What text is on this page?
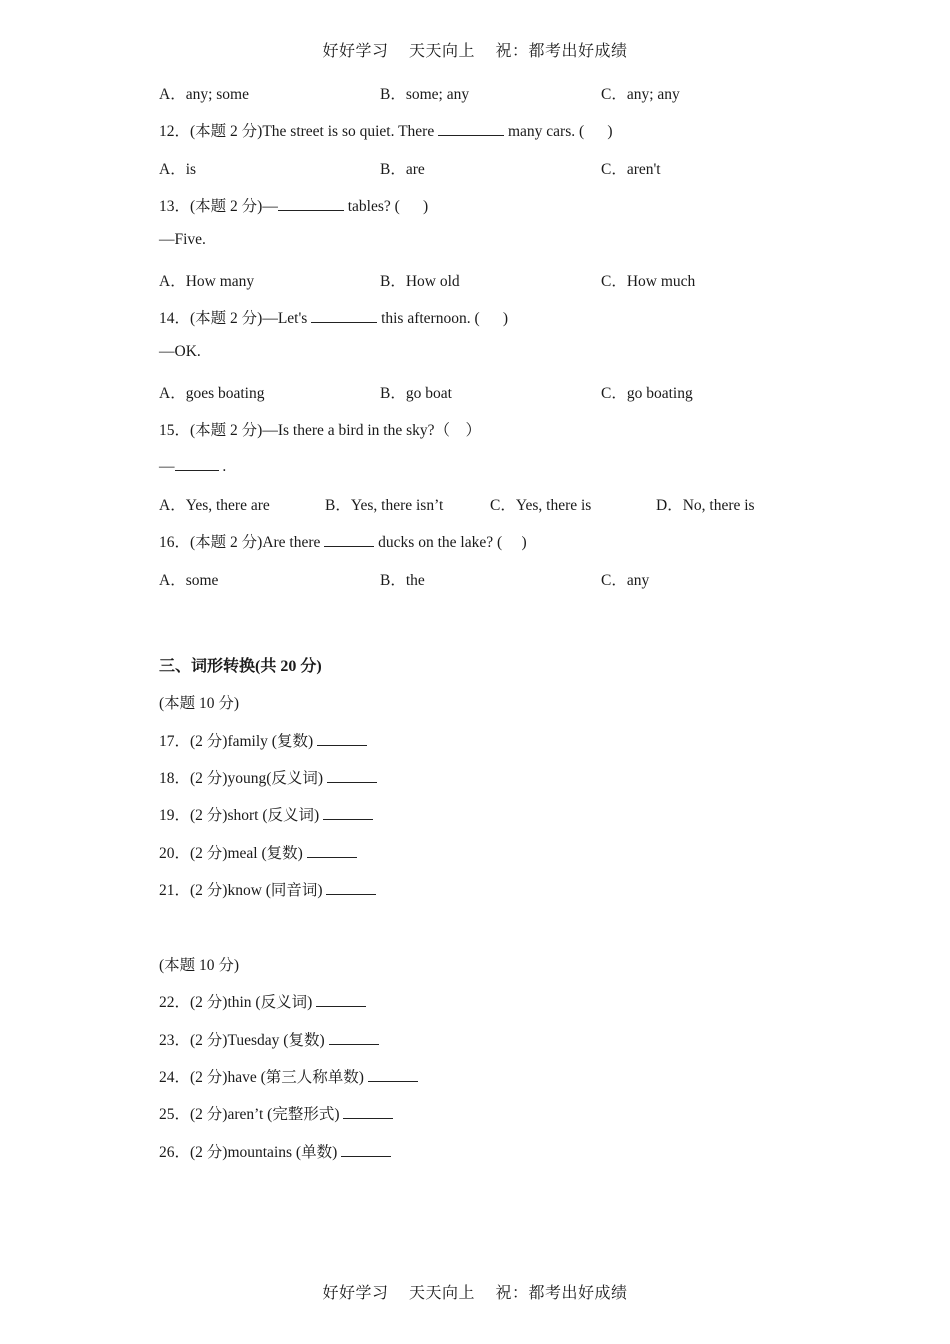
好好学习 天天向上 祝：都考出好成绩
A．any; some	B．some; any	C．any; any
12．(本题 2 分)The street is so quiet. There	many cars. (      )
A．is	B．are	C．aren't
13．(本题 2 分)—	tables? (      )
—Five.
A．How many	B．How old	C．How much
14．(本题 2 分)—Let's	this afternoon. (      )
—OK.
A．goes boating	B．go boat	C．go boating
15．(本题 2 分)—Is there a bird in the sky?（    ）
—	.
A．Yes, there are	B．Yes, there isn’t	C．Yes, there is	D．No, there is
16．(本题 2 分)Are there	ducks on the lake? (     )
A．some	B．the	C．any
三、词形转换(共 20 分)
(本题 10 分)
17．(2 分)family (复数)
18．(2 分)young(反义词)
19．(2 分)short (反义词)
20．(2 分)meal (复数)
21．(2 分)know (同音词)
(本题 10 分)
22．(2 分)thin (反义词)
23．(2 分)Tuesday (复数)
24．(2 分)have (第三人称单数)
25．(2 分)aren’t (完整形式)
26．(2 分)mountains (单数)
好好学习 天天向上 祝：都考出好成绩
